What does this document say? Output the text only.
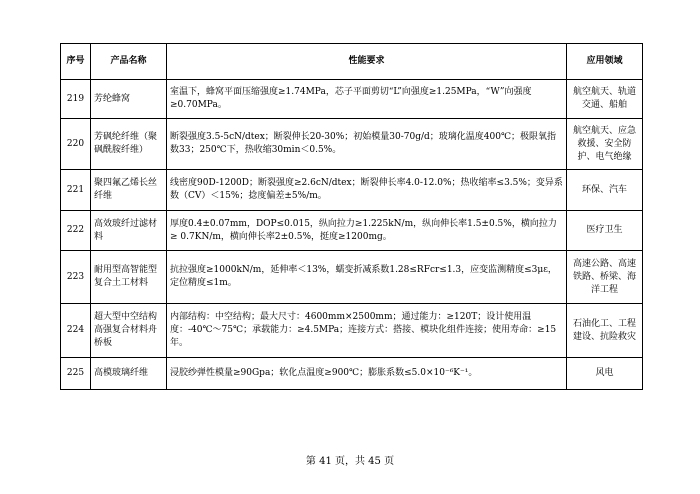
序号	产品名称	性能要求	应用领域
219	芳纶蜂窝	室温下，蜂窝平面压缩强度≥1.74MPa，芯子平面剪切“L”向强度≥1.25MPa，“W”向强度≥0.70MPa。	航空航天、轨道交通、船舶
220	芳砜纶纤维（聚砜酰胺纤维）	断裂强度3.5-5cN/dtex；断裂伸长20-30%；初始模量30-70g/d；玻璃化温度400℃；极限氧指数33；250℃下，热收缩30min＜0.5%。	航空航天、应急救援、安全防护、电气绝缘
221	聚四氟乙烯长丝纤维	线密度90D-1200D；断裂强度≥2.6cN/dtex；断裂伸长率4.0-12.0%；热收缩率≤3.5%；变异系数（CV）＜15%；捻度偏差±5%/m。	环保、汽车
222	高效玻纤过滤材料	厚度0.4±0.07mm，DOP≤0.015，纵向拉力≥1.225kN/m，纵向伸长率1.5±0.5%，横向拉力≥ 0.7KN/m，横向伸长率2±0.5%，挺度≥1200mg。	医疗卫生
223	耐用型高智能型复合土工材料	抗拉强度≥1000kN/m，延伸率＜13%，蠕变折减系数1.28≤RFcr≤1.3，应变监测精度≤3με，定位精度≤1m。	高速公路、高速铁路、桥梁、海洋工程
224	超大型中空结构高强复合材料舟桥板	内部结构：中空结构；最大尺寸：4600mm×2500mm；通过能力：≥120T；设计使用温度：-40℃～75℃；承载能力：≥4.5MPa；连接方式：搭接、模块化组件连接；使用寿命：≥15年。	石油化工、工程建设、抗险救灾
225	高模玻璃纤维	浸胶纱弹性模量≥90Gpa；软化点温度≥900℃；膨胀系数≤5.0×10⁻⁶K⁻¹。	风电
第 41 页，共 45 页
